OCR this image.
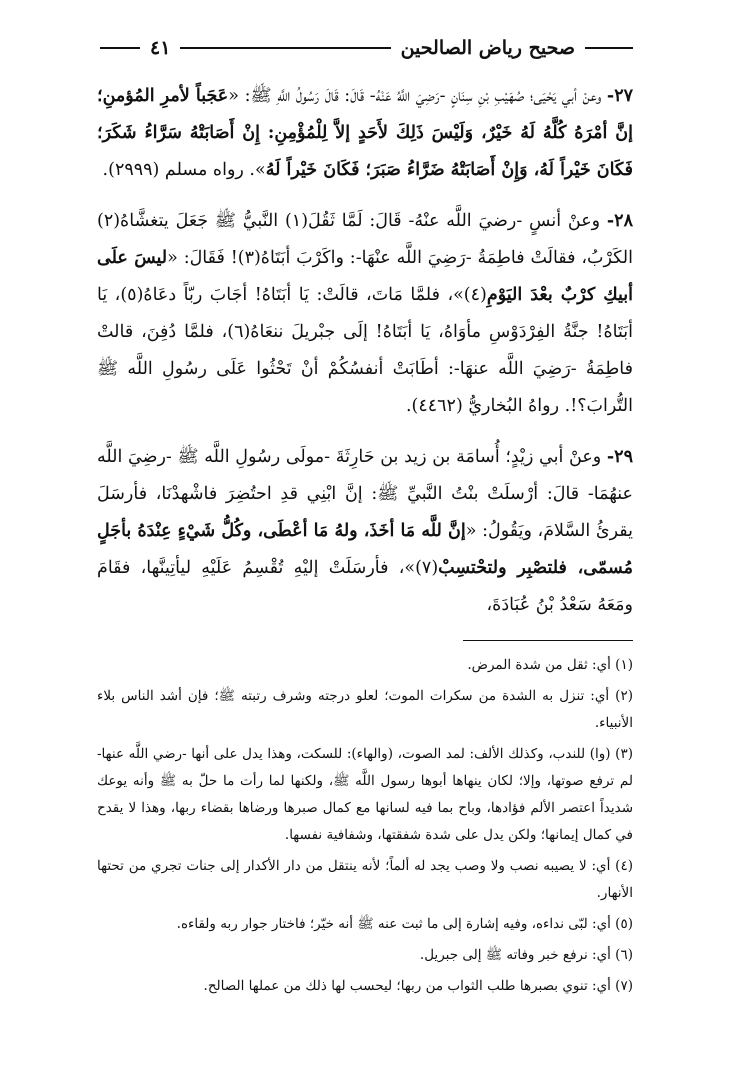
صحيح رياض الصالحين
٤١

٢٧- وعنْ أبي يَحْيَى؛ صُهَيْبِ بْنِ سِنَانٍ -رَضِيَ اللَّهُ عَنْهُ- قَالَ: قَالَ رَسُولُ اللَّهِ ﷺ: «عَجَباً لأمرِ المُؤمنِ؛ إنَّ أمْرَهُ كُلَّهُ لَهُ خَيْرٌ، وَلَيْسَ ذَلِكَ لأَحَدٍ إلاَّ لِلْمُؤْمِنِ: إِنْ أَصَابَتْهُ سَرَّاءُ شَكَرَ؛ فَكَانَ خَيْراً لَهُ، وَإِنْ أَصَابَتْهُ ضَرَّاءُ صَبَرَ؛ فَكَانَ خَيْراً لَهُ». رواه مسلم (٢٩٩٩).

٢٨- وعنْ أنسٍ -رضيَ اللَّه عنْهُ- قَالَ: لَمَّا ثَقُلَ(١) النَّبيُّ ﷺ جَعَلَ يتغشَّاهُ(٢) الكَرْبُ، فقالَتْ فاطِمَةُ -رَضِيَ اللَّه عنْهَا-: واكَرْبَ أبَتَاهُ(٣)! فَقَالَ: «ليسَ علَى أبيكِ كرْبٌ بعْدَ اليَوْمِ(٤)»، فلمَّا مَاتَ، قالَتْ: يَا أبَتَاهُ! أجَابَ ربّاً دعَاهُ(٥)، يَا أبَتَاهُ! جنَّةُ الفِرْدَوْسِ مأوَاهُ، يَا أبَتَاهُ! إلَى جبْريلَ ننعَاهُ(٦)، فلمَّا دُفِنَ، قالتْ فاطِمَةُ -رَضِيَ اللَّه عنهَا-: أطَابَتْ أنفسُكُمْ أنْ تَحْثُوا عَلَى رسُولِ اللَّه ﷺ التُّرابَ؟!. رواهُ البُخاريُّ (٤٤٦٢).

٢٩- وعنْ أبي زيْدٍ؛ أُسامَة بن زيد بن حَارِثَةَ -مولَى رسُولِ اللَّه ﷺ -رضِيَ اللَّه عنهُمَا- قالَ: أرْسلَتْ بنْتُ النَّبيِّ ﷺ: إنَّ ابْنِي قدِ احتُضِرَ فاشْهدْنَا، فأرسَلَ يقرئُ السَّلامَ، ويَقُولُ: «إنَّ للَّه مَا أخَذَ، ولهُ مَا أعْطَى، وكُلُّ شَيْءٍ عِنْدَهُ بأجَلٍ مُسمّى، فلتصْبِر ولتحْتسِبْ(٧)»، فأرسَلَتْ إليْهِ تُقْسِمُ عَلَيْهِ ليأتِينَّها، فقَامَ ومَعَهُ سَعْدُ بْنُ عُبَادَةَ،

(١) أي: ثقل من شدة المرض.

(٢) أي: تنزل به الشدة من سكرات الموت؛ لعلو درجته وشرف رتبته ﷺ؛ فإن أشد الناس بلاء الأنبياء.

(٣) (وا) للندب، وكذلك الألف: لمد الصوت، (والهاء): للسكت، وهذا يدل على أنها -رضي اللَّه عنها- لم ترفع صوتها، وإلا؛ لكان ينهاها أبوها رسول اللَّه ﷺ، ولكنها لما رأت ما حلّ به ﷺ وأنه يوعك شديداً اعتصر الألم فؤادها، وباح بما فيه لسانها مع كمال صبرها ورضاها بقضاء ربها، وهذا لا يقدح في كمال إيمانها؛ ولكن يدل على شدة شفقتها، وشفافية نفسها.

(٤) أي: لا يصيبه نصب ولا وصب يجد له ألماً؛ لأنه ينتقل من دار الأكدار إلى جنات تجري من تحتها الأنهار.

(٥) أي: لبّى نداءه، وفيه إشارة إلى ما ثبت عنه ﷺ أنه خيّر؛ فاختار جوار ربه ولقاءه.

(٦) أي: نرفع خبر وفاته ﷺ إلى جبريل.

(٧) أي: تنوي بصبرها طلب الثواب من ربها؛ ليحسب لها ذلك من عملها الصالح.
